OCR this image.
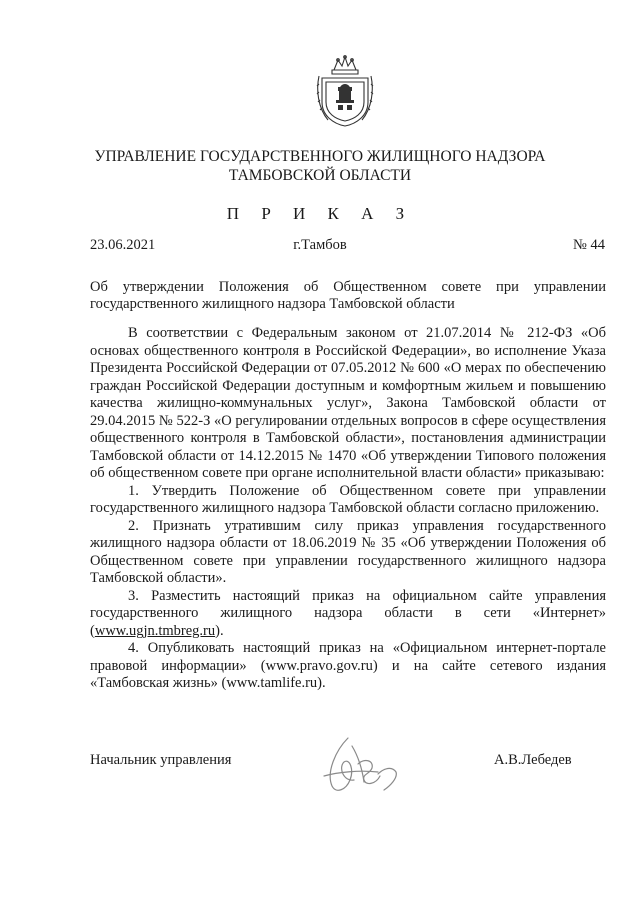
УПРАВЛЕНИЕ ГОСУДАРСТВЕННОГО ЖИЛИЩНОГО НАДЗОРА
ТАМБОВСКОЙ ОБЛАСТИ
П Р И К А З
23.06.2021	г.Тамбов	№ 44
Об утверждении Положения об Общественном совете при управлении государственного жилищного надзора Тамбовской области

В соответствии с Федеральным законом от 21.07.2014 № 212-ФЗ «Об основах общественного контроля в Российской Федерации», во исполнение Указа Президента Российской Федерации от 07.05.2012 № 600 «О мерах по обеспечению граждан Российской Федерации доступным и комфортным жильем и повышению качества жилищно-коммунальных услуг», Закона Тамбовской области от 29.04.2015 № 522-З «О регулировании отдельных вопросов в сфере осуществления общественного контроля в Тамбовской области», постановления администрации Тамбовской области от 14.12.2015 № 1470 «Об утверждении Типового положения об общественном совете при органе исполнительной власти области» приказываю:

1. Утвердить Положение об Общественном совете при управлении государственного жилищного надзора Тамбовской области согласно приложению.

2. Признать утратившим силу приказ управления государственного жилищного надзора области от 18.06.2019 № 35 «Об утверждении Положения об Общественном совете при управлении государственного жилищного надзора Тамбовской области».

3. Разместить настоящий приказ на официальном сайте управления государственного жилищного надзора области в сети «Интернет» (www.ugjn.tmbreg.ru).

4. Опубликовать настоящий приказ на «Официальном интернет-портале правовой информации» (www.pravo.gov.ru) и на сайте сетевого издания «Тамбовская жизнь» (www.tamlife.ru).

Начальник управления	А.В.Лебедев
